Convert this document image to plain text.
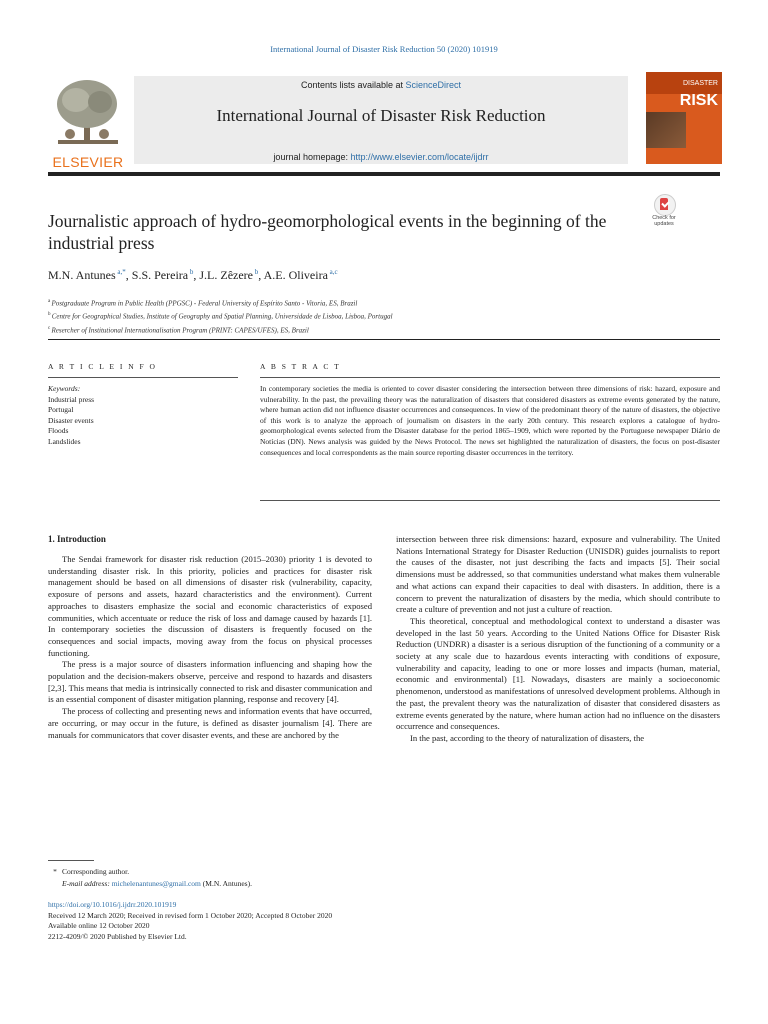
International Journal of Disaster Risk Reduction 50 (2020) 101919
ELSEVIER
Contents lists available at ScienceDirect
International Journal of Disaster Risk Reduction
journal homepage: http://www.elsevier.com/locate/ijdrr
DISASTER
RISK
Journalistic approach of hydro-geomorphological events in the beginning of the industrial press
Check for updates
M.N. Antunes $^{a,*}$, S.S. Pereira $^b$, J.L. Zêzere $^b$, A.E. Oliveira $^{a,c}$
$^a$ Postgraduate Program in Public Health (PPGSC) - Federal University of Espírito Santo - Vitoria, ES, Brazil
$^b$ Centre for Geographical Studies, Institute of Geography and Spatial Planning, Universidade de Lisboa, Lisboa, Portugal
$^c$ Resercher of Institutional Internationalisation Program (PRINT: CAPES/UFES), ES, Brazil
A R T I C L E I N F O	A B S T R A C T
Keywords:
Industrial press
Portugal
Disaster events
Floods
Landslides
In contemporary societies the media is oriented to cover disaster considering the intersection between three dimensions of risk: hazard, exposure and vulnerability. In the past, the prevailing theory was the naturalization of disasters that considered disasters as extreme events generated by the nature, where human action did not influence disaster occurrences and consequences. In view of the predominant theory of the nature of disasters, the objective of this work is to analyze the approach of journalism on disasters in the early 20th century. This research explores a catalogue of hydro-geomorphological events selected from the Disaster database for the period 1865–1909, which were reported by the Portuguese newspaper Diário de Notícias (DN). News analysis was guided by the News Protocol. The news set highlighted the naturalization of disasters, the focus on post-disaster consequences and local correspondents as the main source reporting disaster occurrences in the territory.
1. Introduction

The Sendai framework for disaster risk reduction (2015–2030) priority 1 is devoted to understanding disaster risk. In this priority, policies and practices for disaster risk management should be based on all dimensions of disaster risk (vulnerability, capacity, exposure of persons and assets, hazard characteristics and the environment). Current approaches to disasters emphasize the social and economic characteristics of exposed communities, which accentuate or reduce the risk of loss and damage caused by hazards [1]. In contemporary societies the discussion of disasters is frequently focused on the consequences and social impacts, moving away from the focus on physical processes functioning.

The press is a major source of disasters information influencing and shaping how the population and the decision-makers observe, perceive and respond to hazards and disasters [2,3]. This means that media is intrinsically connected to risk and disaster communication and is an essential component of disaster mitigation planning, response and recovery [4].

The process of collecting and presenting news and information events that have occurred, are occurring, or may occur in the future, is defined as disaster journalism [4]. There are manuals for communicators that cover disaster events, and these are anchored by the

intersection between three risk dimensions: hazard, exposure and vulnerability. The United Nations International Strategy for Disaster Reduction (UNISDR) guides journalists to report the causes of the disaster, not just describing the facts and impacts [5]. Their social dimensions must be addressed, so that communities understand what makes them vulnerable and what actions can expand their capacities to deal with disasters. In addition, there is a concern to prevent the naturalization of disasters by the media, which should contribute to create a culture of prevention and not just a culture of reaction.

This theoretical, conceptual and methodological context to understand a disaster was developed in the last 50 years. According to the United Nations Office for Disaster Risk Reduction (UNDRR) a disaster is a serious disruption of the functioning of a community or a society at any scale due to hazardous events interacting with conditions of exposure, vulnerability and capacity, leading to one or more losses and impacts (human, material, economic and environmental) [1]. Nowadays, disasters are mainly a socioeconomic phenomenon, understood as manifestations of unresolved development problems. Although in the past, the prevalent theory was the naturalization of disaster that considered disasters as extreme events generated by the nature, where human action had no influence on the disasters occurrence and consequences.

In the past, according to the theory of naturalization of disasters, the

* Corresponding author.
E-mail address: michelenantunes@gmail.com (M.N. Antunes).
https://doi.org/10.1016/j.ijdrr.2020.101919
Received 12 March 2020; Received in revised form 1 October 2020; Accepted 8 October 2020
Available online 12 October 2020
2212-4209/© 2020 Published by Elsevier Ltd.
